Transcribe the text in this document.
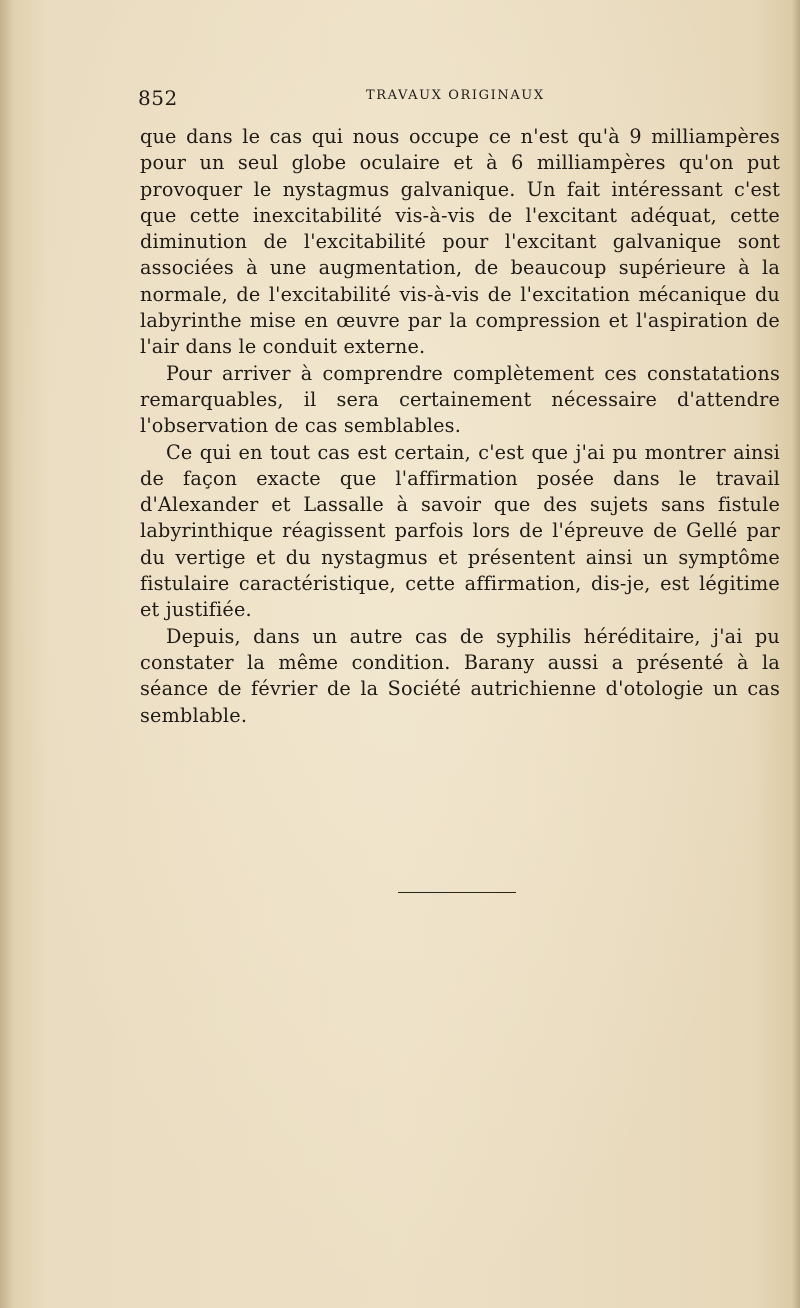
852	TRAVAUX ORIGINAUX

que dans le cas qui nous occupe ce n'est qu'à 9 milliampères pour un seul globe oculaire et à 6 milliampères qu'on put provoquer le nystagmus galvanique. Un fait intéressant c'est que cette inexcitabilité vis-à-vis de l'excitant adéquat, cette diminution de l'excitabilité pour l'excitant galvanique sont associées à une augmentation, de beaucoup supérieure à la normale, de l'excitabilité vis-à-vis de l'excitation mécanique du labyrinthe mise en œuvre par la compression et l'aspiration de l'air dans le conduit externe.

Pour arriver à comprendre complètement ces constatations remarquables, il sera certainement nécessaire d'attendre l'observation de cas semblables.

Ce qui en tout cas est certain, c'est que j'ai pu montrer ainsi de façon exacte que l'affirmation posée dans le travail d'Alexander et Lassalle à savoir que des sujets sans fistule labyrinthique réagissent parfois lors de l'épreuve de Gellé par du vertige et du nystagmus et présentent ainsi un symptôme fistulaire caractéristique, cette affirmation, dis-je, est légitime et justifiée.

Depuis, dans un autre cas de syphilis héréditaire, j'ai pu constater la même condition. Barany aussi a présenté à la séance de février de la Société autrichienne d'otologie un cas semblable.
